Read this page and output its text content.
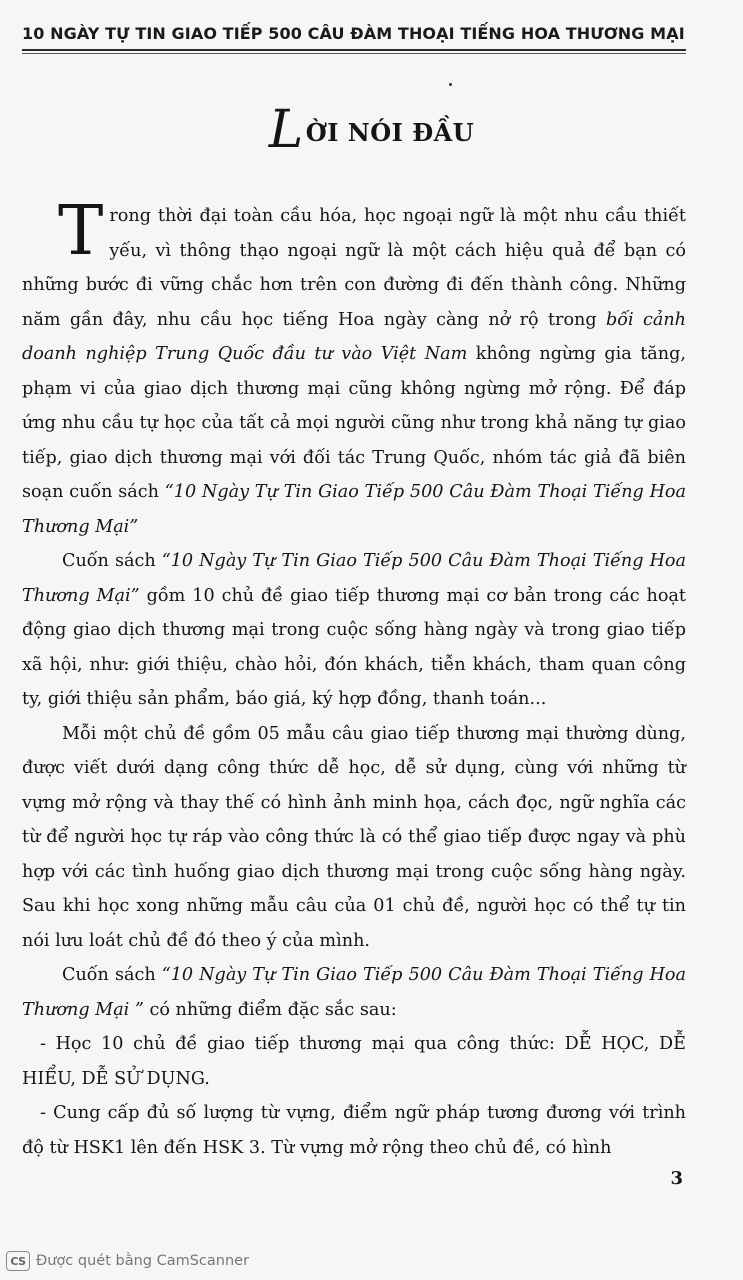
10 NGÀY TỰ TIN GIAO TIẾP 500 CÂU ĐÀM THOẠI TIẾNG HOA THƯƠNG MẠI
LỜI NÓI ĐẦU

Trong thời đại toàn cầu hóa, học ngoại ngữ là một nhu cầu thiết yếu, vì thông thạo ngoại ngữ là một cách hiệu quả để bạn có những bước đi vững chắc hơn trên con đường đi đến thành công. Những năm gần đây, nhu cầu học tiếng Hoa ngày càng nở rộ trong bối cảnh doanh nghiệp Trung Quốc đầu tư vào Việt Nam không ngừng gia tăng, phạm vi của giao dịch thương mại cũng không ngừng mở rộng. Để đáp ứng nhu cầu tự học của tất cả mọi người cũng như trong khả năng tự giao tiếp, giao dịch thương mại với đối tác Trung Quốc, nhóm tác giả đã biên soạn cuốn sách “10 Ngày Tự Tin Giao Tiếp 500 Câu Đàm Thoại Tiếng Hoa Thương Mại”

Cuốn sách “10 Ngày Tự Tin Giao Tiếp 500 Câu Đàm Thoại Tiếng Hoa Thương Mại” gồm 10 chủ đề giao tiếp thương mại cơ bản trong các hoạt động giao dịch thương mại trong cuộc sống hàng ngày và trong giao tiếp xã hội, như: giới thiệu, chào hỏi, đón khách, tiễn khách, tham quan công ty, giới thiệu sản phẩm, báo giá, ký hợp đồng, thanh toán...

Mỗi một chủ đề gồm 05 mẫu câu giao tiếp thương mại thường dùng, được viết dưới dạng công thức dễ học, dễ sử dụng, cùng với những từ vựng mở rộng và thay thế có hình ảnh minh họa, cách đọc, ngữ nghĩa các từ để người học tự ráp vào công thức là có thể giao tiếp được ngay và phù hợp với các tình huống giao dịch thương mại trong cuộc sống hàng ngày. Sau khi học xong những mẫu câu của 01 chủ đề, người học có thể tự tin nói lưu loát chủ đề đó theo ý của mình.

Cuốn sách “10 Ngày Tự Tin Giao Tiếp 500 Câu Đàm Thoại Tiếng Hoa Thương Mại ” có những điểm đặc sắc sau:

- Học 10 chủ đề giao tiếp thương mại qua công thức: DỄ HỌC, DỄ HIỂU, DỄ SỬ DỤNG.

- Cung cấp đủ số lượng từ vựng, điểm ngữ pháp tương đương với trình độ từ HSK1 lên đến HSK 3. Từ vựng mở rộng theo chủ đề, có hình

3
CS Được quét bằng CamScanner
